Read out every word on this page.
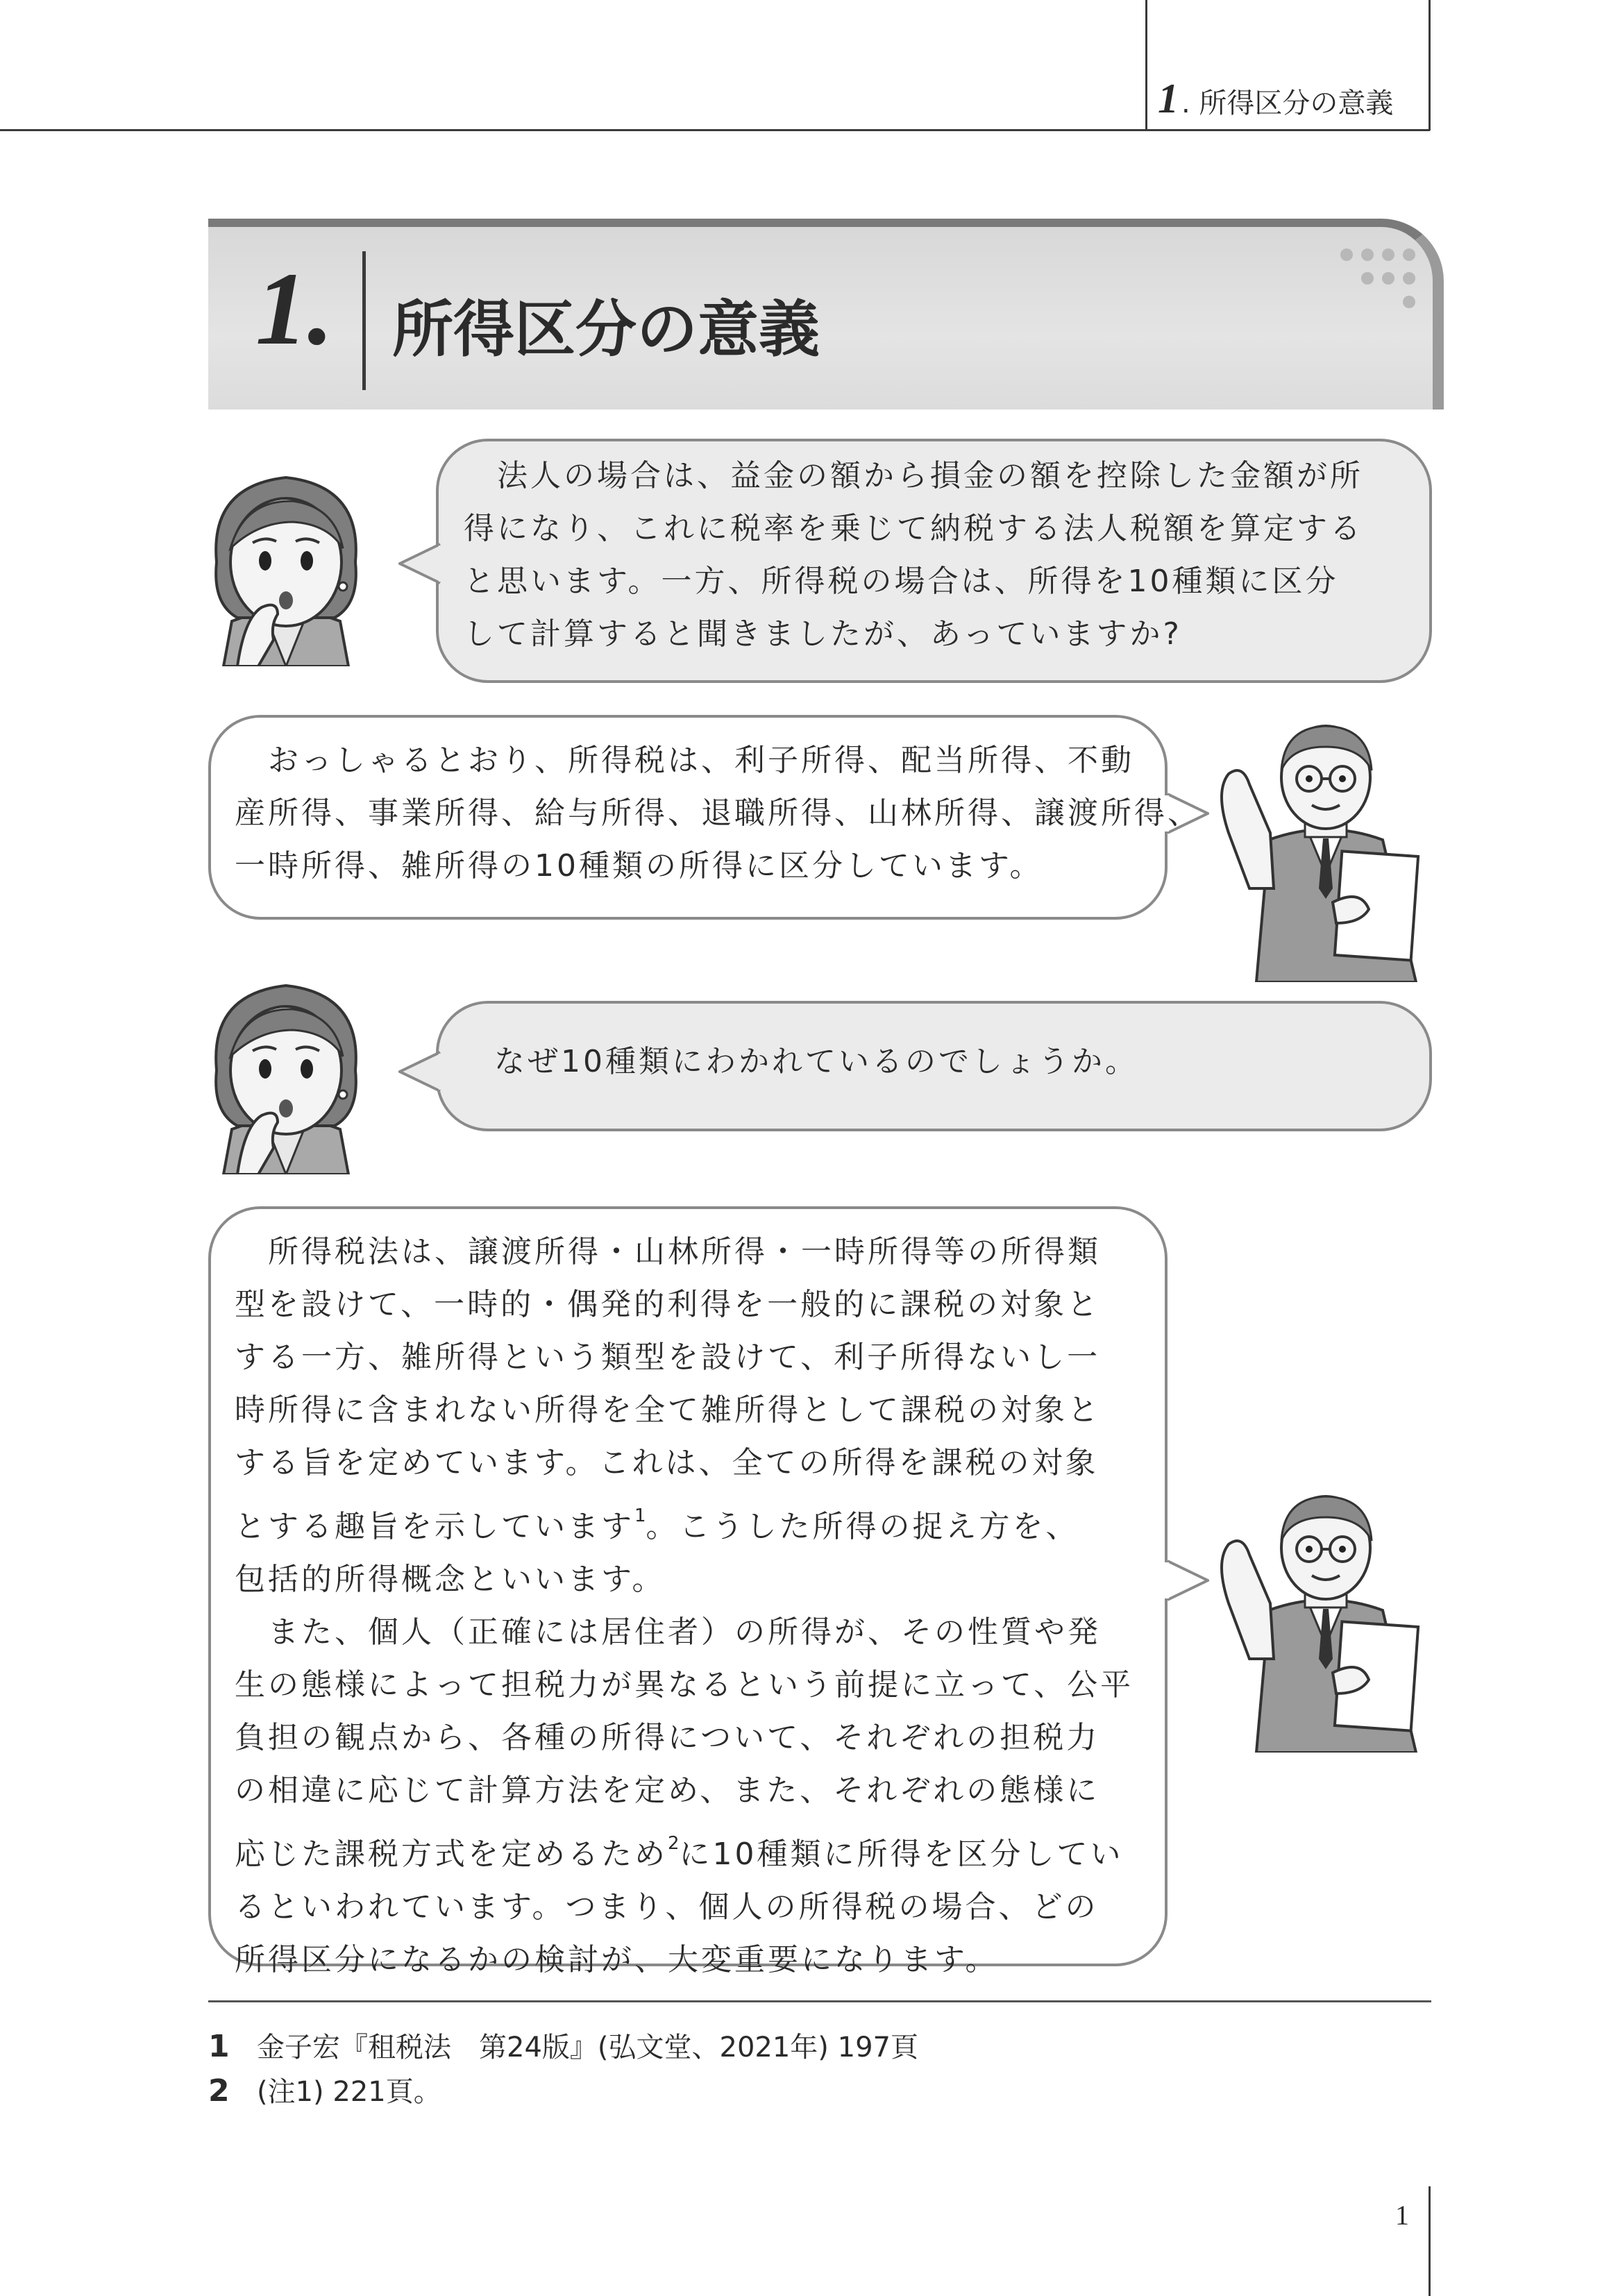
1 . 所得区分の意義
1. 所得区分の意義
　法人の場合は、益金の額から損金の額を控除した金額が所
得になり、これに税率を乗じて納税する法人税額を算定する
と思います。一方、所得税の場合は、所得を10種類に区分
して計算すると聞きましたが、あっていますか?
　おっしゃるとおり、所得税は、利子所得、配当所得、不動
産所得、事業所得、給与所得、退職所得、山林所得、譲渡所得、
一時所得、雑所得の10種類の所得に区分しています。
なぜ10種類にわかれているのでしょうか。
　所得税法は、譲渡所得・山林所得・一時所得等の所得類
型を設けて、一時的・偶発的利得を一般的に課税の対象と
する一方、雑所得という類型を設けて、利子所得ないし一
時所得に含まれない所得を全て雑所得として課税の対象と
する旨を定めています。これは、全ての所得を課税の対象
とする趣旨を示しています$^1$。こうした所得の捉え方を、
包括的所得概念といいます。
　また、個人（正確には居住者）の所得が、その性質や発
生の態様によって担税力が異なるという前提に立って、公平
負担の観点から、各種の所得について、それぞれの担税力
の相違に応じて計算方法を定め、また、それぞれの態様に
応じた課税方式を定めるため$^2$に10種類に所得を区分してい
るといわれています。つまり、個人の所得税の場合、どの
所得区分になるかの検討が、大変重要になります。
1 金子宏『租税法　第24版』(弘文堂、2021年) 197頁
2 (注1) 221頁。
1
